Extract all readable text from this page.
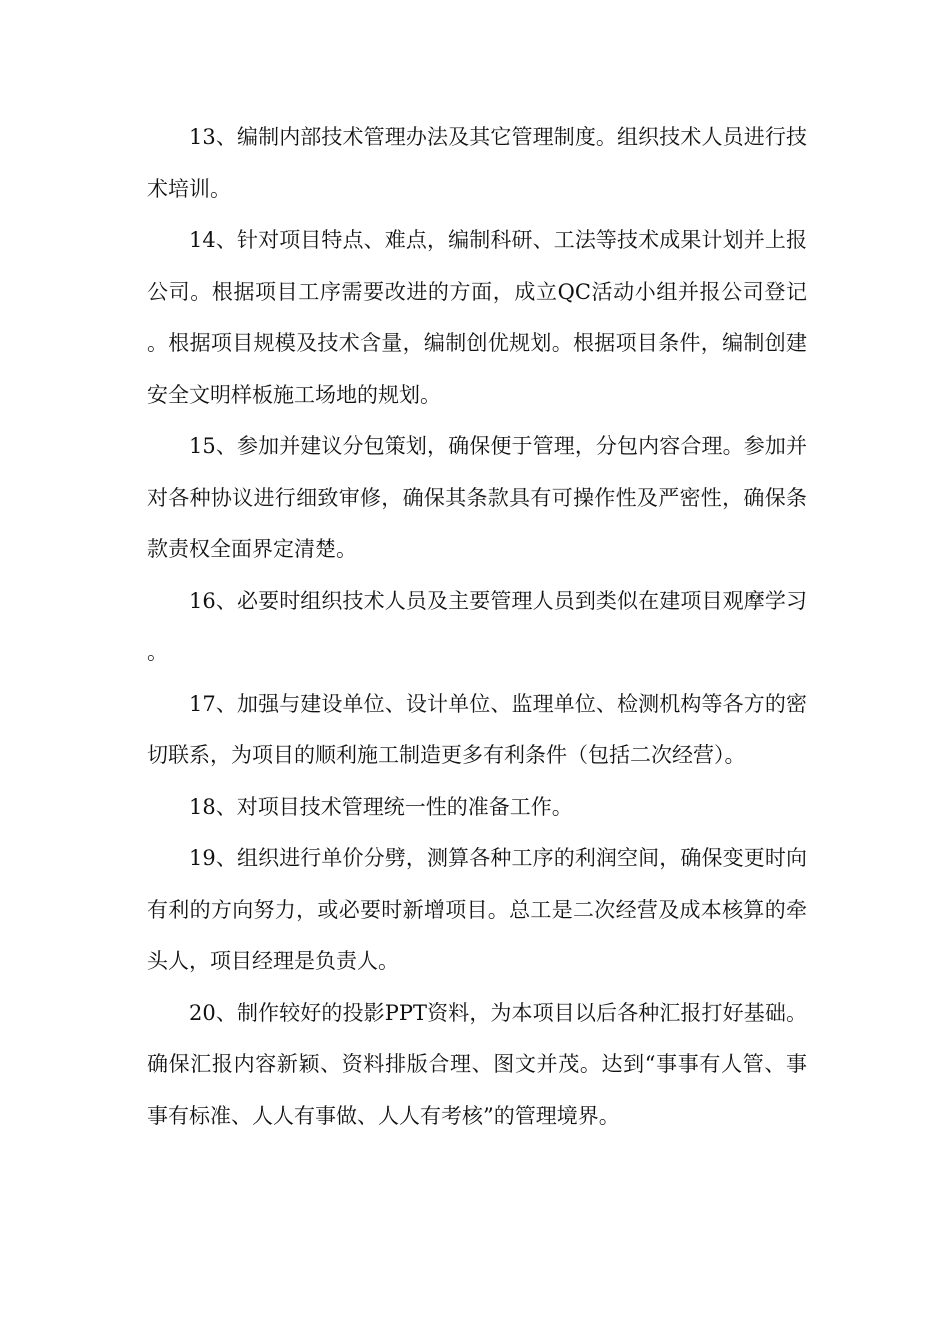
13、编制内部技术管理办法及其它管理制度。组织技术人员进行技术培训。

14、针对项目特点、难点，编制科研、工法等技术成果计划并上报公司。根据项目工序需要改进的方面，成立QC活动小组并报公司登记。根据项目规模及技术含量，编制创优规划。根据项目条件，编制创建安全文明样板施工场地的规划。

15、参加并建议分包策划，确保便于管理，分包内容合理。参加并对各种协议进行细致审修，确保其条款具有可操作性及严密性，确保条款责权全面界定清楚。

16、必要时组织技术人员及主要管理人员到类似在建项目观摩学习。

17、加强与建设单位、设计单位、监理单位、检测机构等各方的密切联系，为项目的顺利施工制造更多有利条件（包括二次经营）。

18、对项目技术管理统一性的准备工作。

19、组织进行单价分劈，测算各种工序的利润空间，确保变更时向有利的方向努力，或必要时新增项目。总工是二次经营及成本核算的牵头人，项目经理是负责人。

20、制作较好的投影PPT资料，为本项目以后各种汇报打好基础。确保汇报内容新颖、资料排版合理、图文并茂。达到“事事有人管、事事有标准、人人有事做、人人有考核”的管理境界。
